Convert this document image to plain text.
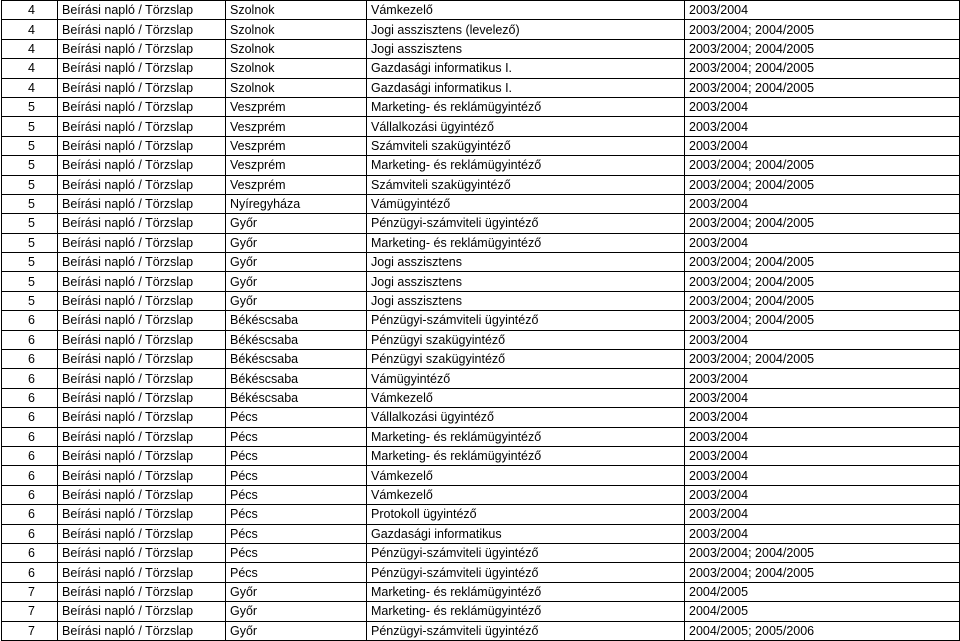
4	Beírási napló / Törzslap	Szolnok	Vámkezelő	2003/2004
4	Beírási napló / Törzslap	Szolnok	Jogi asszisztens (levelező)	2003/2004; 2004/2005
4	Beírási napló / Törzslap	Szolnok	Jogi asszisztens	2003/2004; 2004/2005
4	Beírási napló / Törzslap	Szolnok	Gazdasági informatikus I.	2003/2004; 2004/2005
4	Beírási napló / Törzslap	Szolnok	Gazdasági informatikus I.	2003/2004; 2004/2005
5	Beírási napló / Törzslap	Veszprém	Marketing- és reklámügyintéző	2003/2004
5	Beírási napló / Törzslap	Veszprém	Vállalkozási ügyintéző	2003/2004
5	Beírási napló / Törzslap	Veszprém	Számviteli szakügyintéző	2003/2004
5	Beírási napló / Törzslap	Veszprém	Marketing- és reklámügyintéző	2003/2004; 2004/2005
5	Beírási napló / Törzslap	Veszprém	Számviteli szakügyintéző	2003/2004; 2004/2005
5	Beírási napló / Törzslap	Nyíregyháza	Vámügyintéző	2003/2004
5	Beírási napló / Törzslap	Győr	Pénzügyi-számviteli ügyintéző	2003/2004; 2004/2005
5	Beírási napló / Törzslap	Győr	Marketing- és reklámügyintéző	2003/2004
5	Beírási napló / Törzslap	Győr	Jogi asszisztens	2003/2004; 2004/2005
5	Beírási napló / Törzslap	Győr	Jogi asszisztens	2003/2004; 2004/2005
5	Beírási napló / Törzslap	Győr	Jogi asszisztens	2003/2004; 2004/2005
6	Beírási napló / Törzslap	Békéscsaba	Pénzügyi-számviteli ügyintéző	2003/2004; 2004/2005
6	Beírási napló / Törzslap	Békéscsaba	Pénzügyi szakügyintéző	2003/2004
6	Beírási napló / Törzslap	Békéscsaba	Pénzügyi szakügyintéző	2003/2004; 2004/2005
6	Beírási napló / Törzslap	Békéscsaba	Vámügyintéző	2003/2004
6	Beírási napló / Törzslap	Békéscsaba	Vámkezelő	2003/2004
6	Beírási napló / Törzslap	Pécs	Vállalkozási ügyintéző	2003/2004
6	Beírási napló / Törzslap	Pécs	Marketing- és reklámügyintéző	2003/2004
6	Beírási napló / Törzslap	Pécs	Marketing- és reklámügyintéző	2003/2004
6	Beírási napló / Törzslap	Pécs	Vámkezelő	2003/2004
6	Beírási napló / Törzslap	Pécs	Vámkezelő	2003/2004
6	Beírási napló / Törzslap	Pécs	Protokoll ügyintéző	2003/2004
6	Beírási napló / Törzslap	Pécs	Gazdasági informatikus	2003/2004
6	Beírási napló / Törzslap	Pécs	Pénzügyi-számviteli ügyintéző	2003/2004; 2004/2005
6	Beírási napló / Törzslap	Pécs	Pénzügyi-számviteli ügyintéző	2003/2004; 2004/2005
7	Beírási napló / Törzslap	Győr	Marketing- és reklámügyintéző	2004/2005
7	Beírási napló / Törzslap	Győr	Marketing- és reklámügyintéző	2004/2005
7	Beírási napló / Törzslap	Győr	Pénzügyi-számviteli ügyintéző	2004/2005; 2005/2006
